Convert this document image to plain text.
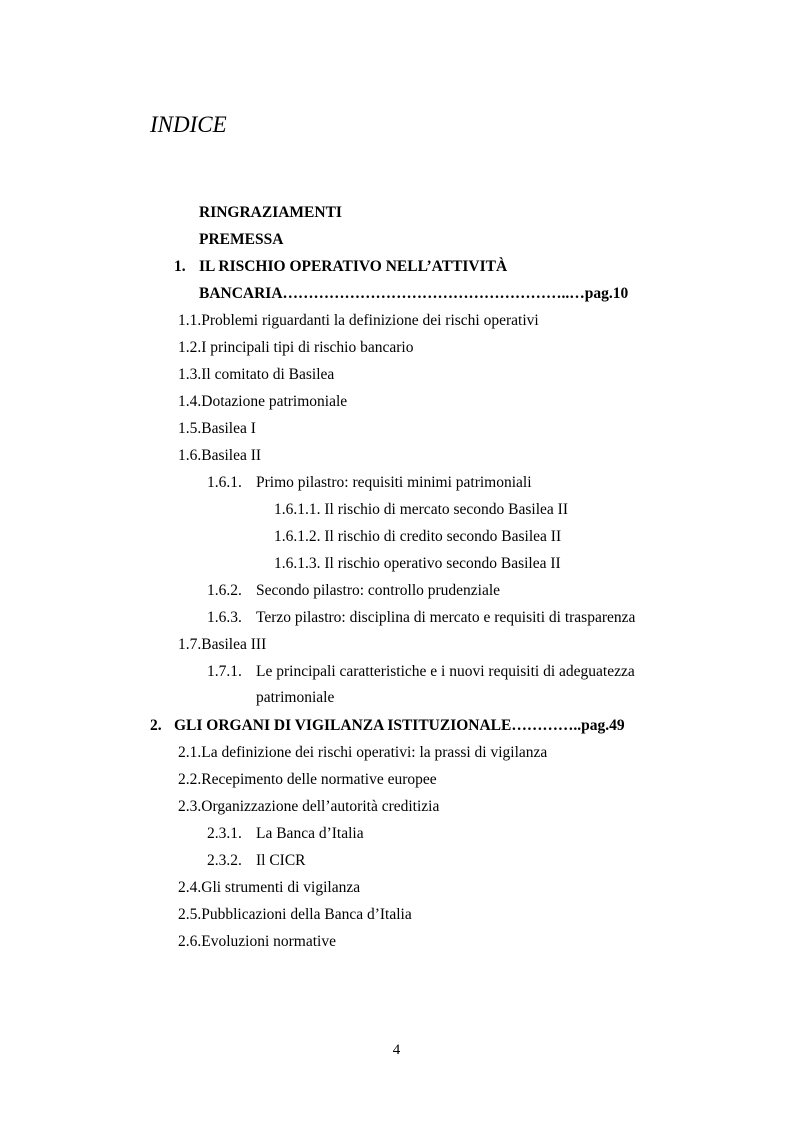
INDICE
RINGRAZIAMENTI
PREMESSA
1. IL RISCHIO OPERATIVO NELL’ATTIVITÀ
BANCARIA………………………………………………..…pag.10
1.1.Problemi riguardanti la definizione dei rischi operativi
1.2.I principali tipi di rischio bancario
1.3.Il comitato di Basilea
1.4.Dotazione patrimoniale
1.5.Basilea I
1.6.Basilea II
1.6.1. Primo pilastro: requisiti minimi patrimoniali
1.6.1.1. Il rischio di mercato secondo Basilea II
1.6.1.2. Il rischio di credito secondo Basilea II
1.6.1.3. Il rischio operativo secondo Basilea II
1.6.2. Secondo pilastro: controllo prudenziale
1.6.3. Terzo pilastro: disciplina di mercato e requisiti di trasparenza
1.7.Basilea III
1.7.1. Le principali caratteristiche e i nuovi requisiti di adeguatezza
patrimoniale
2. GLI ORGANI DI VIGILANZA ISTITUZIONALE…………..pag.49
2.1.La definizione dei rischi operativi: la prassi di vigilanza
2.2.Recepimento delle normative europee
2.3.Organizzazione dell’autorità creditizia
2.3.1. La Banca d’Italia
2.3.2. Il CICR
2.4.Gli strumenti di vigilanza
2.5.Pubblicazioni della Banca d’Italia
2.6.Evoluzioni normative
4
